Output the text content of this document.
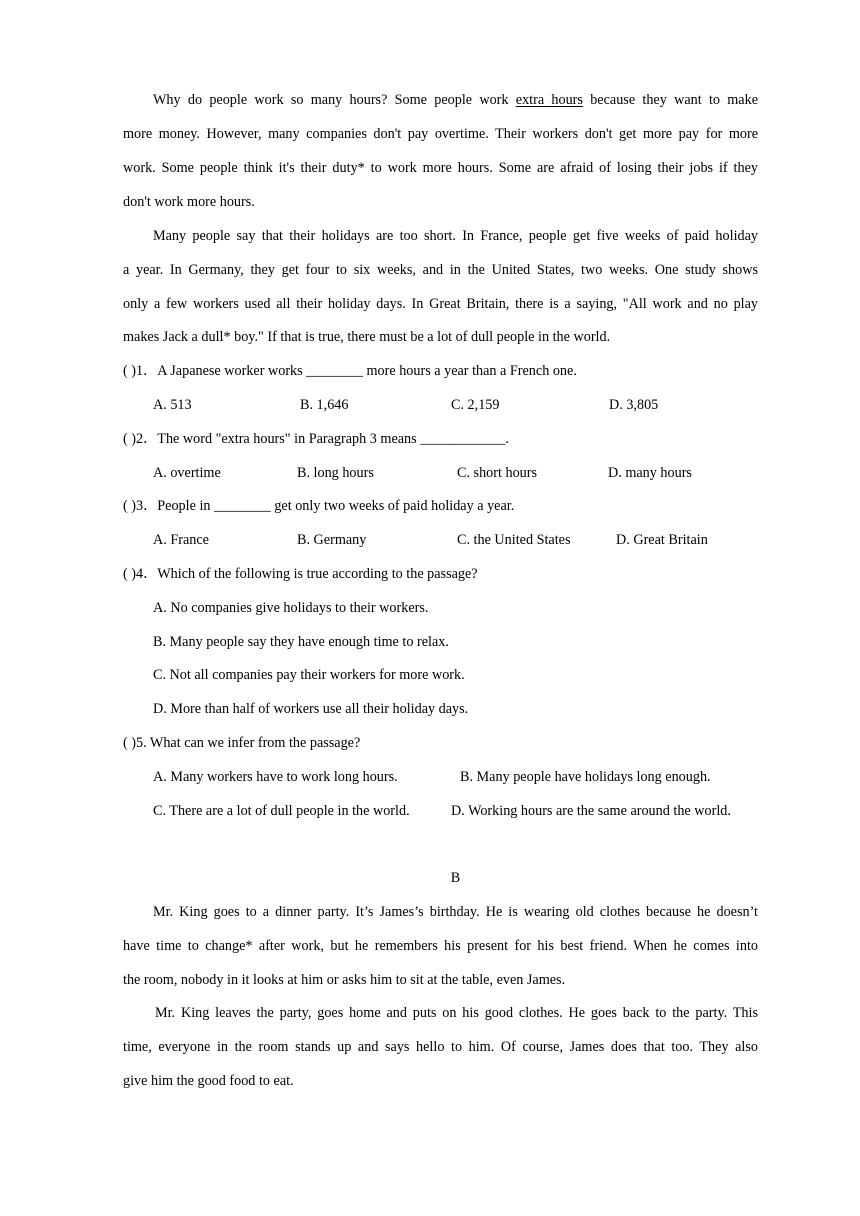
Why do people work so many hours? Some people work extra hours because they want to make
more money. However, many companies don't pay overtime. Their workers don't get more pay for more
work. Some people think it's their duty* to work more hours. Some are afraid of losing their jobs if they
don't work more hours.
Many people say that their holidays are too short. In France, people get five weeks of paid holiday
a year. In Germany, they get four to six weeks, and in the United States, two weeks. One study shows
only a few workers used all their holiday days. In Great Britain, there is a saying, "All work and no play
makes Jack a dull* boy." If that is true, there must be a lot of dull people in the world.
( )1．A Japanese worker works ________ more hours a year than a French one.
A. 513	B. 1,646	C. 2,159	D. 3,805
( )2．The word "extra hours" in Paragraph 3 means ____________.
A. overtime	B. long hours	C. short hours	D. many hours
( )3．People in ________ get only two weeks of paid holiday a year.
A. France	B. Germany	C. the United States	D. Great Britain
( )4．Which of the following is true according to the passage?
A. No companies give holidays to their workers.
B. Many people say they have enough time to relax.
C. Not all companies pay their workers for more work.
D. More than half of workers use all their holiday days.
( )5. What can we infer from the passage?
A. Many workers have to work long hours.	B. Many people have holidays long enough.
C. There are a lot of dull people in the world.	D. Working hours are the same around the world.
B
Mr. King goes to a dinner party. It’s James’s birthday. He is wearing old clothes because he doesn’t
have time to change* after work, but he remembers his present for his best friend. When he comes into
the room, nobody in it looks at him or asks him to sit at the table, even James.
Mr. King leaves the party, goes home and puts on his good clothes. He goes back to the party. This
time, everyone in the room stands up and says hello to him. Of course, James does that too. They also
give him the good food to eat.
